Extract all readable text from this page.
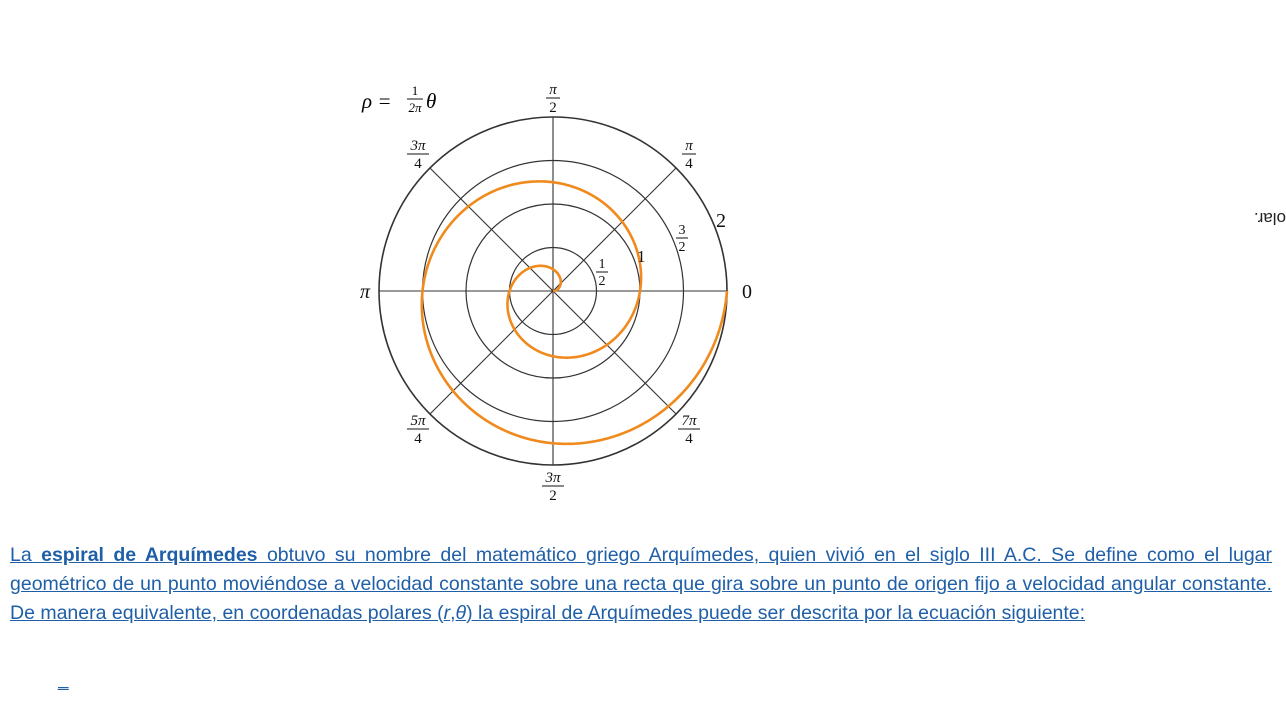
ρ = 1
2π θ
0
π
π
2
π
4
3π
4
5π
4
7π
4
3π
2
1
2
1
3
2
2	olar.
La espiral de Arquímedes obtuvo su nombre del matemático griego Arquímedes, quien vivió en el siglo III A.C. Se define como el lugar geométrico de un punto moviéndose a velocidad constante sobre una recta que gira sobre un punto de origen fijo a velocidad angular constante. De manera equivalente, en coordenadas polares (r,θ) la espiral de Arquímedes puede ser descrita por la ecuación siguiente:
_
